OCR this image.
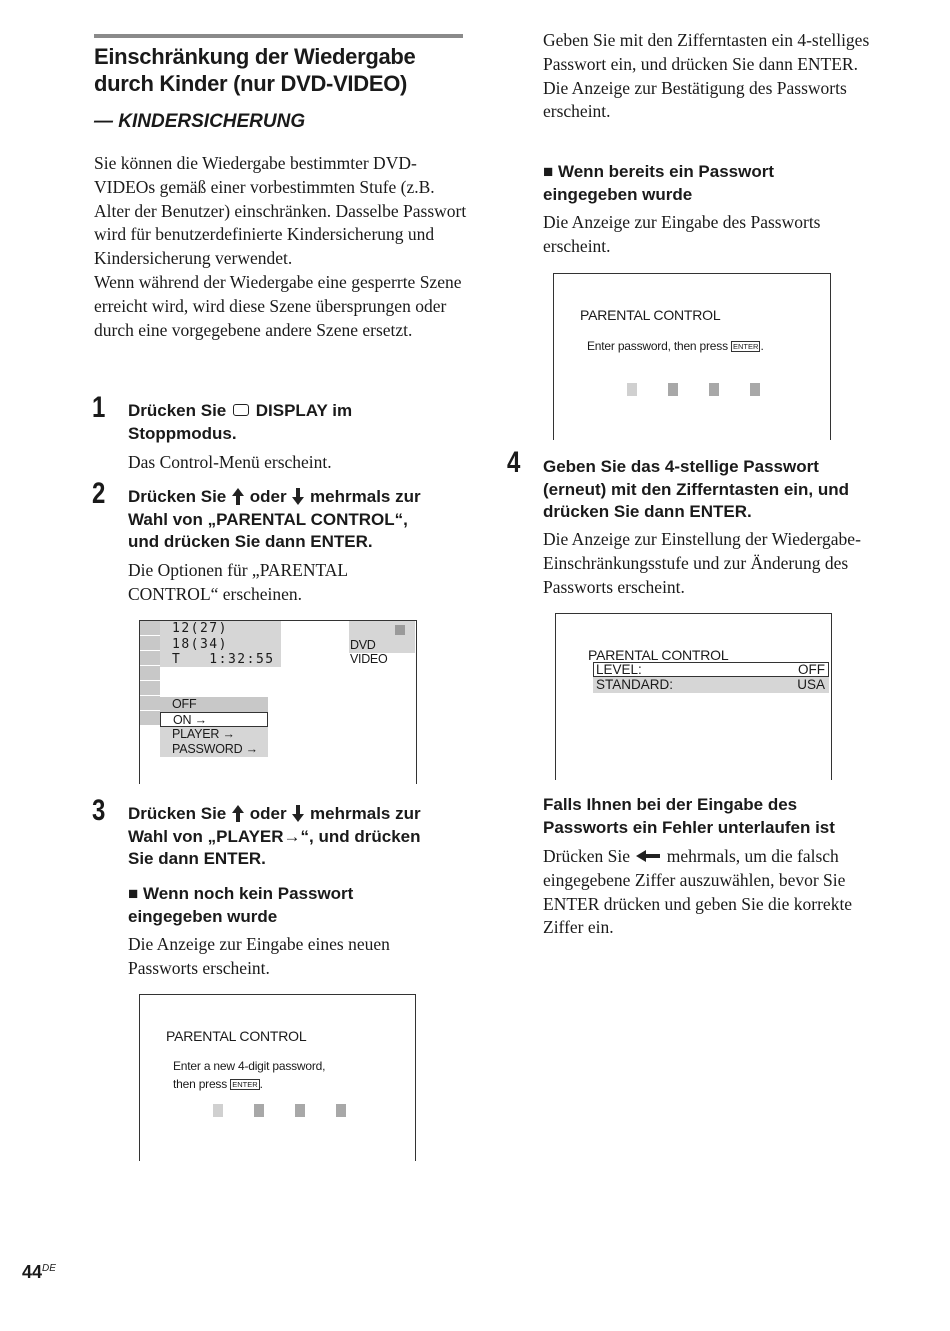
Einschränkung der Wiedergabe durch Kinder (nur DVD-VIDEO)
— KINDERSICHERUNG

Sie können die Wiedergabe bestimmter DVD-VIDEOs gemäß einer vorbestimmten Stufe (z.B. Alter der Benutzer) einschränken. Dasselbe Passwort wird für benutzerdefinierte Kindersicherung und Kindersicherung verwendet.

Wenn während der Wiedergabe eine gesperrte Szene erreicht wird, wird diese Szene übersprungen oder durch eine vorgegebene andere Szene ersetzt.

1 Drücken Sie DISPLAY im Stoppmodus.
Das Control-Menü erscheint.
2 Drücken Sie oder mehrmals zur
Wahl von „PARENTAL CONTROL“,
und drücken Sie dann ENTER.
Die Optionen für „PARENTAL CONTROL“ erscheinen.
12(27)
18(34)
T   1:32:55
DVD VIDEO
OFF
ON →
PLAYER →
PASSWORD →
3 Drücken Sie oder mehrmals zur
Wahl von „PLAYER→“, und drücken
Sie dann ENTER.
■ Wenn noch kein Passwort eingegeben wurde
Die Anzeige zur Eingabe eines neuen Passworts erscheint.
PARENTAL CONTROL
Enter a new 4-digit password,
then press ENTER .

Geben Sie mit den Zifferntasten ein 4-stelliges Passwort ein, und drücken Sie dann ENTER.

Die Anzeige zur Bestätigung des Passworts erscheint.

■ Wenn bereits ein Passwort eingegeben wurde
Die Anzeige zur Eingabe des Passworts erscheint.
PARENTAL CONTROL
Enter password, then press ENTER .
4 Geben Sie das 4-stellige Passwort (erneut) mit den Zifferntasten ein, und drücken Sie dann ENTER.
Die Anzeige zur Einstellung der Wiedergabe-Einschränkungsstufe und zur Änderung des Passworts erscheint.
PARENTAL CONTROL
LEVEL:	OFF
STANDARD:	USA
Falls Ihnen bei der Eingabe des Passworts ein Fehler unterlaufen ist
Drücken Sie mehrmals, um die falsch eingegebene Ziffer auszuwählen, bevor Sie ENTER drücken und geben Sie die korrekte Ziffer ein.
44DE
